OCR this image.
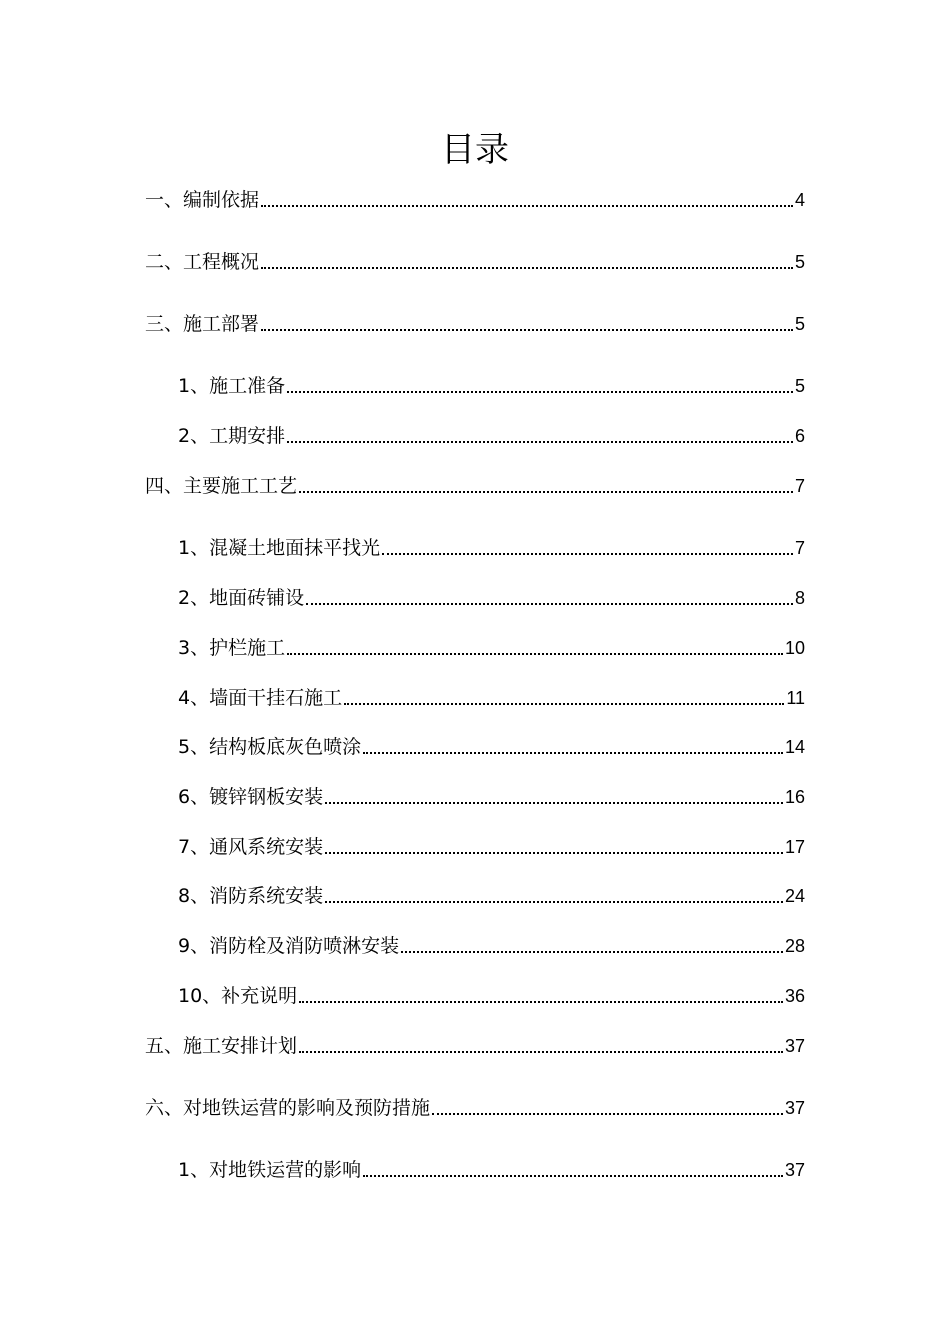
目录
一、编制依据	4
二、工程概况	5
三、施工部署	5
1、施工准备	5
2、工期安排	6
四、主要施工工艺	7
1、混凝土地面抹平找光	7
2、地面砖铺设	8
3、护栏施工	10
4、墙面干挂石施工	11
5、结构板底灰色喷涂	14
6、镀锌钢板安装	16
7、通风系统安装	17
8、消防系统安装	24
9、消防栓及消防喷淋安装	28
10、补充说明	36
五、施工安排计划	37
六、对地铁运营的影响及预防措施	37
1、对地铁运营的影响	37
